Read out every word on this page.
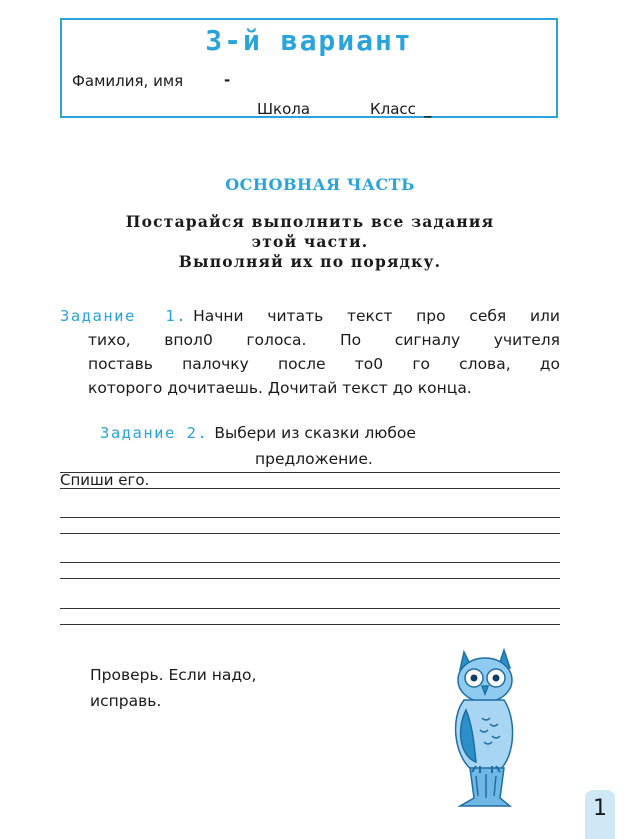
3-й вариант
Фамилия, имя	-
Школа	Класс _
ОСНОВНАЯ ЧАСТЬ
Постарайся выполнить все задания
этой части.
Выполняй их по порядку.
Задание 1. Начни читать текст про себя или
тихо, впол0 голоса. По сигналу учителя
поставь палочку после то0 го слова, до
которого дочитаешь. Дочитай текст до конца.
Задание 2. Выбери из сказки любое
предложение.
Спиши его.
Проверь. Если надо,
исправь.
1
